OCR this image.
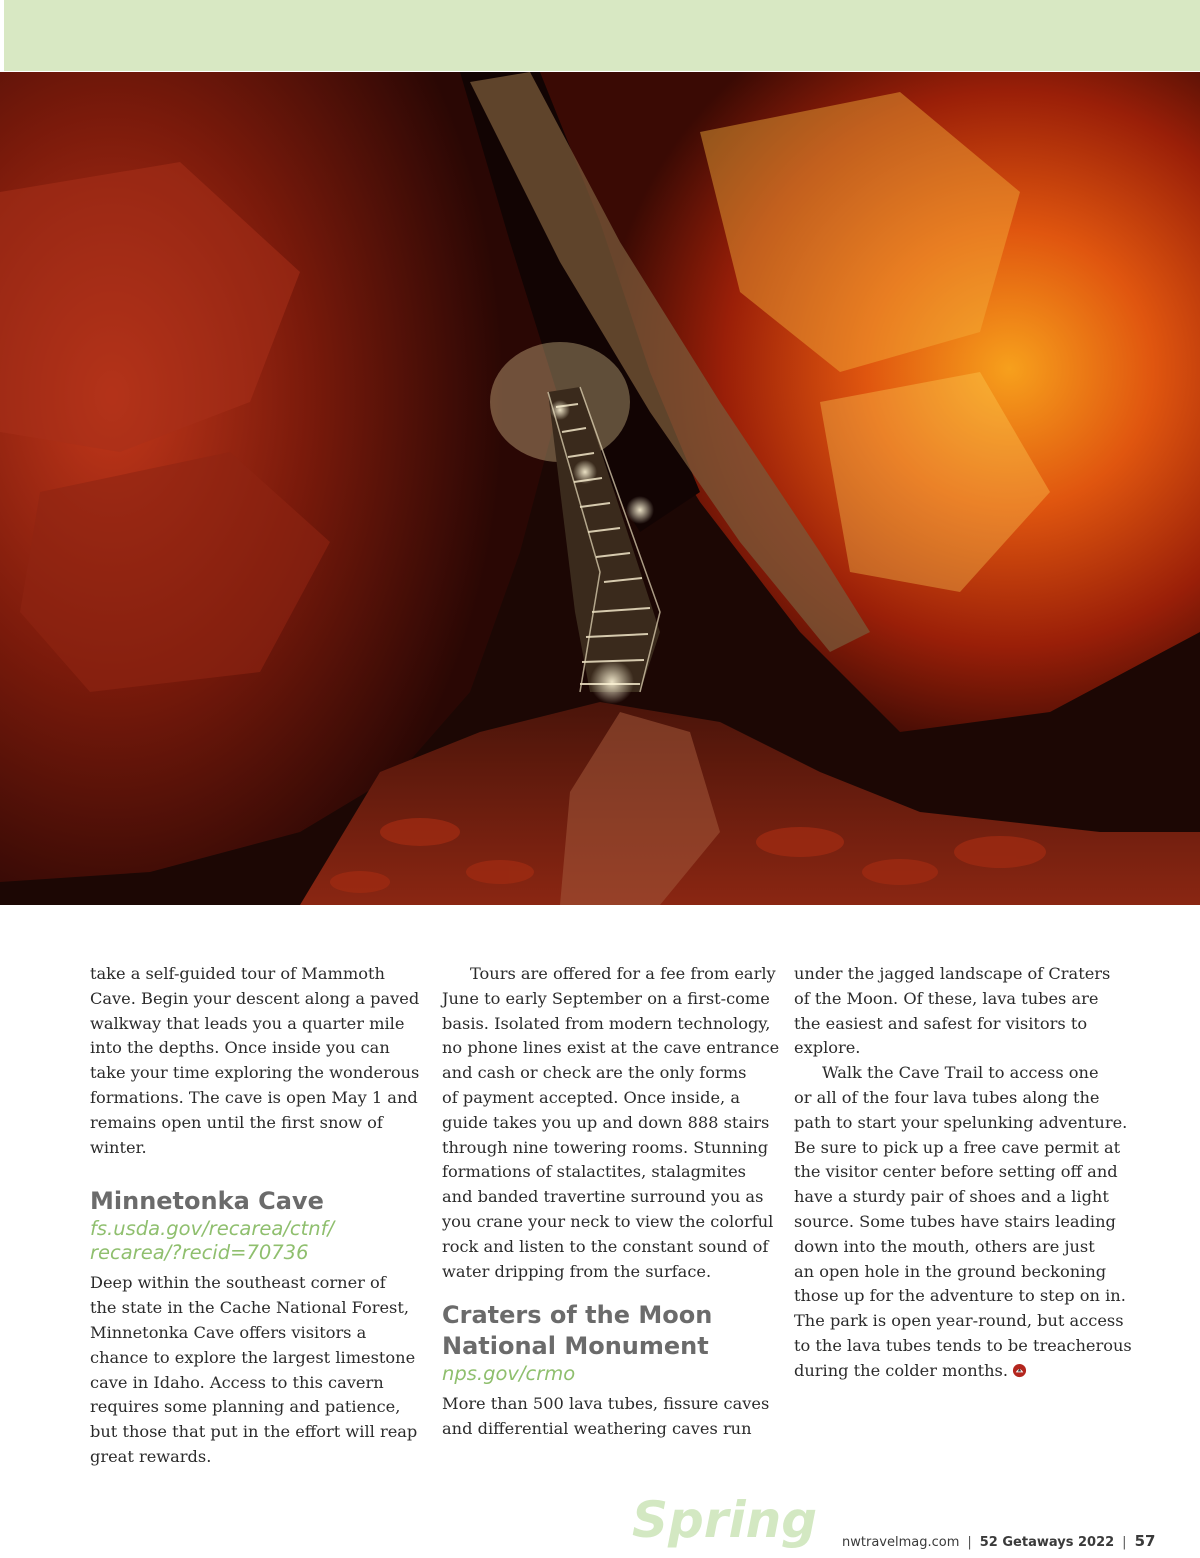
Minnetonka Cave, Cache National Forest, ID
© Visit Idaho

take a self-guided tour of Mammoth
Cave. Begin your descent along a paved
walkway that leads you a quarter mile
into the depths. Once inside you can
take your time exploring the wonderous
formations. The cave is open May 1 and
remains open until the first snow of
winter.

Minnetonka Cave
fs.usda.gov/recarea/ctnf/
recarea/?recid=70736

Deep within the southeast corner of
the state in the Cache National Forest,
Minnetonka Cave offers visitors a
chance to explore the largest limestone
cave in Idaho. Access to this cavern
requires some planning and patience,
but those that put in the effort will reap
great rewards.

Tours are offered for a fee from early
June to early September on a first-come
basis. Isolated from modern technology,
no phone lines exist at the cave entrance
and cash or check are the only forms
of payment accepted. Once inside, a
guide takes you up and down 888 stairs
through nine towering rooms. Stunning
formations of stalactites, stalagmites
and banded travertine surround you as
you crane your neck to view the colorful
rock and listen to the constant sound of
water dripping from the surface.

Craters of the Moon
National Monument
nps.gov/crmo

More than 500 lava tubes, fissure caves
and differential weathering caves run

under the jagged landscape of Craters
of the Moon. Of these, lava tubes are
the easiest and safest for visitors to
explore.

Walk the Cave Trail to access one
or all of the four lava tubes along the
path to start your spelunking adventure.
Be sure to pick up a free cave permit at
the visitor center before setting off and
have a sturdy pair of shoes and a light
source. Some tubes have stairs leading
down into the mouth, others are just
an open hole in the ground beckoning
those up for the adventure to step on in.
The park is open year-round, but access
to the lava tubes tends to be treacherous
during the colder months.

Spring nwtravelmag.com | 52 Getaways 2022 | 57
